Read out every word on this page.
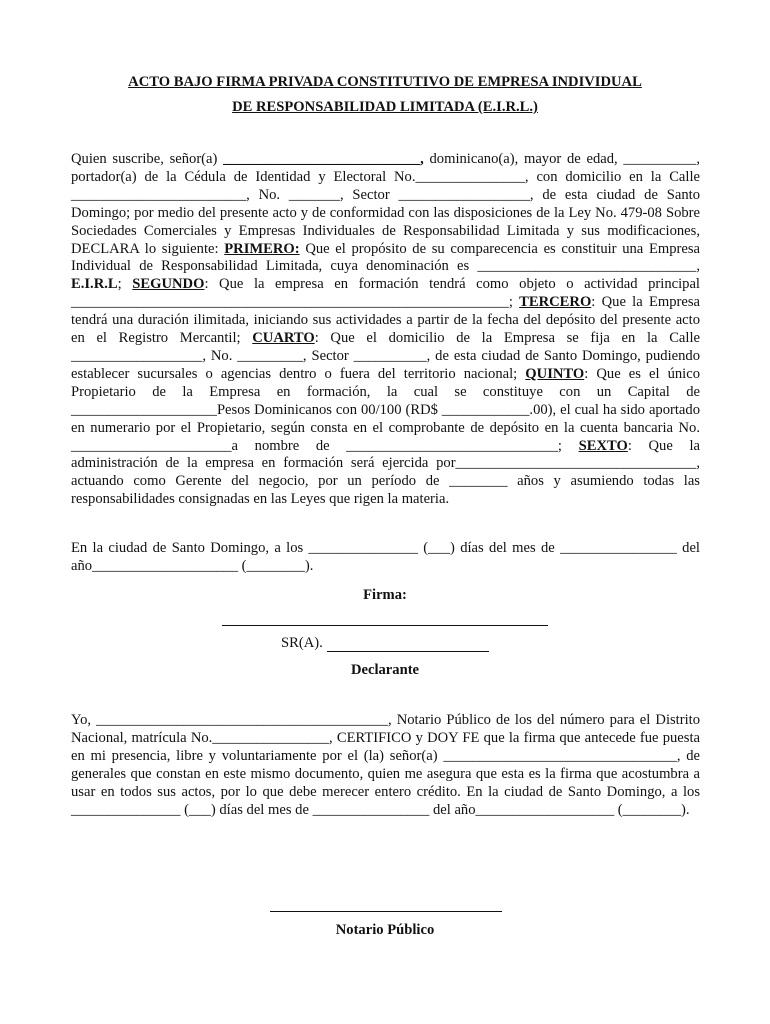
ACTO BAJO FIRMA PRIVADA CONSTITUTIVO DE EMPRESA INDIVIDUAL
DE RESPONSABILIDAD LIMITADA (E.I.R.L.)

Quien suscribe, señor(a) ___________________________, dominicano(a), mayor de edad, __________, portador(a) de la Cédula de Identidad y Electoral No._______________, con domicilio en la Calle ________________________, No. _______, Sector __________________, de esta ciudad de Santo Domingo; por medio del presente acto y de conformidad con las disposiciones de la Ley No. 479-08 Sobre Sociedades Comerciales y Empresas Individuales de Responsabilidad Limitada y sus modificaciones, DECLARA lo siguiente: PRIMERO: Que el propósito de su comparecencia es constituir una Empresa Individual de Responsabilidad Limitada, cuya denominación es ______________________________, E.I.R.L; SEGUNDO: Que la empresa en formación tendrá como objeto o actividad principal ____________________________________________________________; TERCERO: Que la Empresa tendrá una duración ilimitada, iniciando sus actividades a partir de la fecha del depósito del presente acto en el Registro Mercantil; CUARTO: Que el domicilio de la Empresa se fija en la Calle __________________, No. _________, Sector __________, de esta ciudad de Santo Domingo, pudiendo establecer sucursales o agencias dentro o fuera del territorio nacional; QUINTO: Que es el único Propietario de la Empresa en formación, la cual se constituye con un Capital de ____________________Pesos Dominicanos con 00/100 (RD$ ____________.00), el cual ha sido aportado en numerario por el Propietario, según consta en el comprobante de depósito en la cuenta bancaria No. ______________________a nombre de _____________________________; SEXTO: Que la administración de la empresa en formación será ejercida por_________________________________, actuando como Gerente del negocio, por un período de ________ años y asumiendo todas las responsabilidades consignadas en las Leyes que rigen la materia.

En la ciudad de Santo Domingo, a los _______________ (___) días del mes de ________________ del año____________________ (________).

Firma:
SR(A).
Declarante

Yo, ________________________________________, Notario Público de los del número para el Distrito Nacional, matrícula No.________________, CERTIFICO y DOY FE que la firma que antecede fue puesta en mi presencia, libre y voluntariamente por el (la) señor(a) ________________________________, de generales que constan en este mismo documento, quien me asegura que esta es la firma que acostumbra a usar en todos sus actos, por lo que debe merecer entero crédito. En la ciudad de Santo Domingo, a los _______________ (___) días del mes de ________________ del año___________________ (________).

Notario Público
